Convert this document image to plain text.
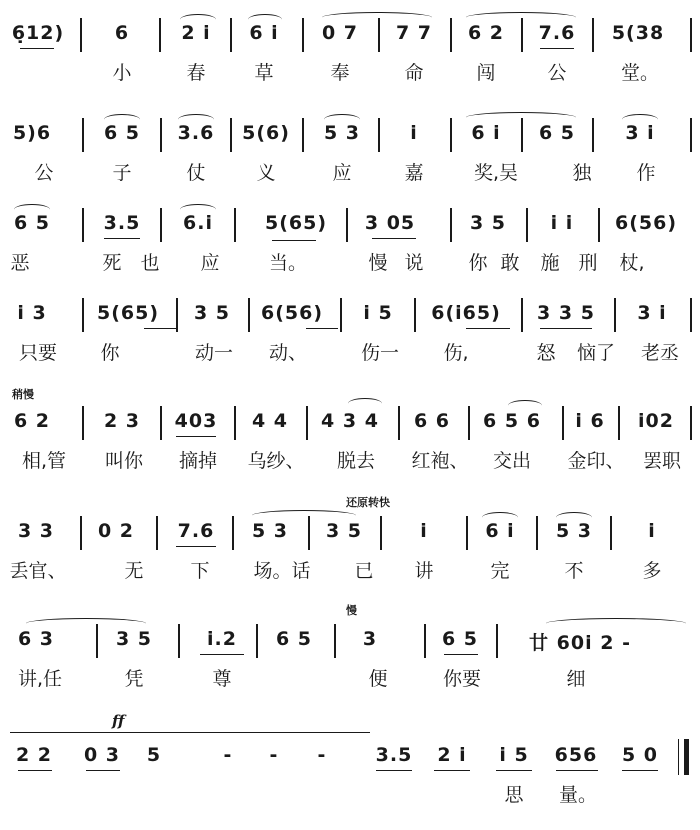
6̣12)	6	2 i 6 i 0 7 7 7 6 2 7.6 5(38
小	春	草	奉	命	闯	公	堂。
5)6	6 5 3.6 5(6) 5 3	i	6 i 6 5	3 i
公	子	仗	义	应	嘉	奖,吴	独 作
6 5	3.5 6.i	5(65) 3 05	3 5 i i 6(56)
恶	死 也 应	当。	慢 说 你 敢 施 刑 杖,
i 3	5(65) 3 5 6(56) i 5 6(i65) 3 3 5 3 i
只要 你	动一 动、	伤一 伤,	怒 恼了 老丞
稍慢
6 2	2 3 403 4 4 4 3 4 6 6 6 5 6 i 6 i02
相,管 叫你 摘掉 乌纱、 脱去 红袍、 交出 金印、 罢职
还原转快
3 3 0 2 7.6 5 3 3 5	i	6 i 5 3	i
丢官、	无 下 场。话 已 讲	完	不	多
慢
6 3	3 5	i.2 6 5	3	6 5	廿 60i 2 -
讲,任	凭	尊	便	你要	细
ff
2 2 0 3 5	- - -	3.5 2 i i 5 656 5 0
思 量。
